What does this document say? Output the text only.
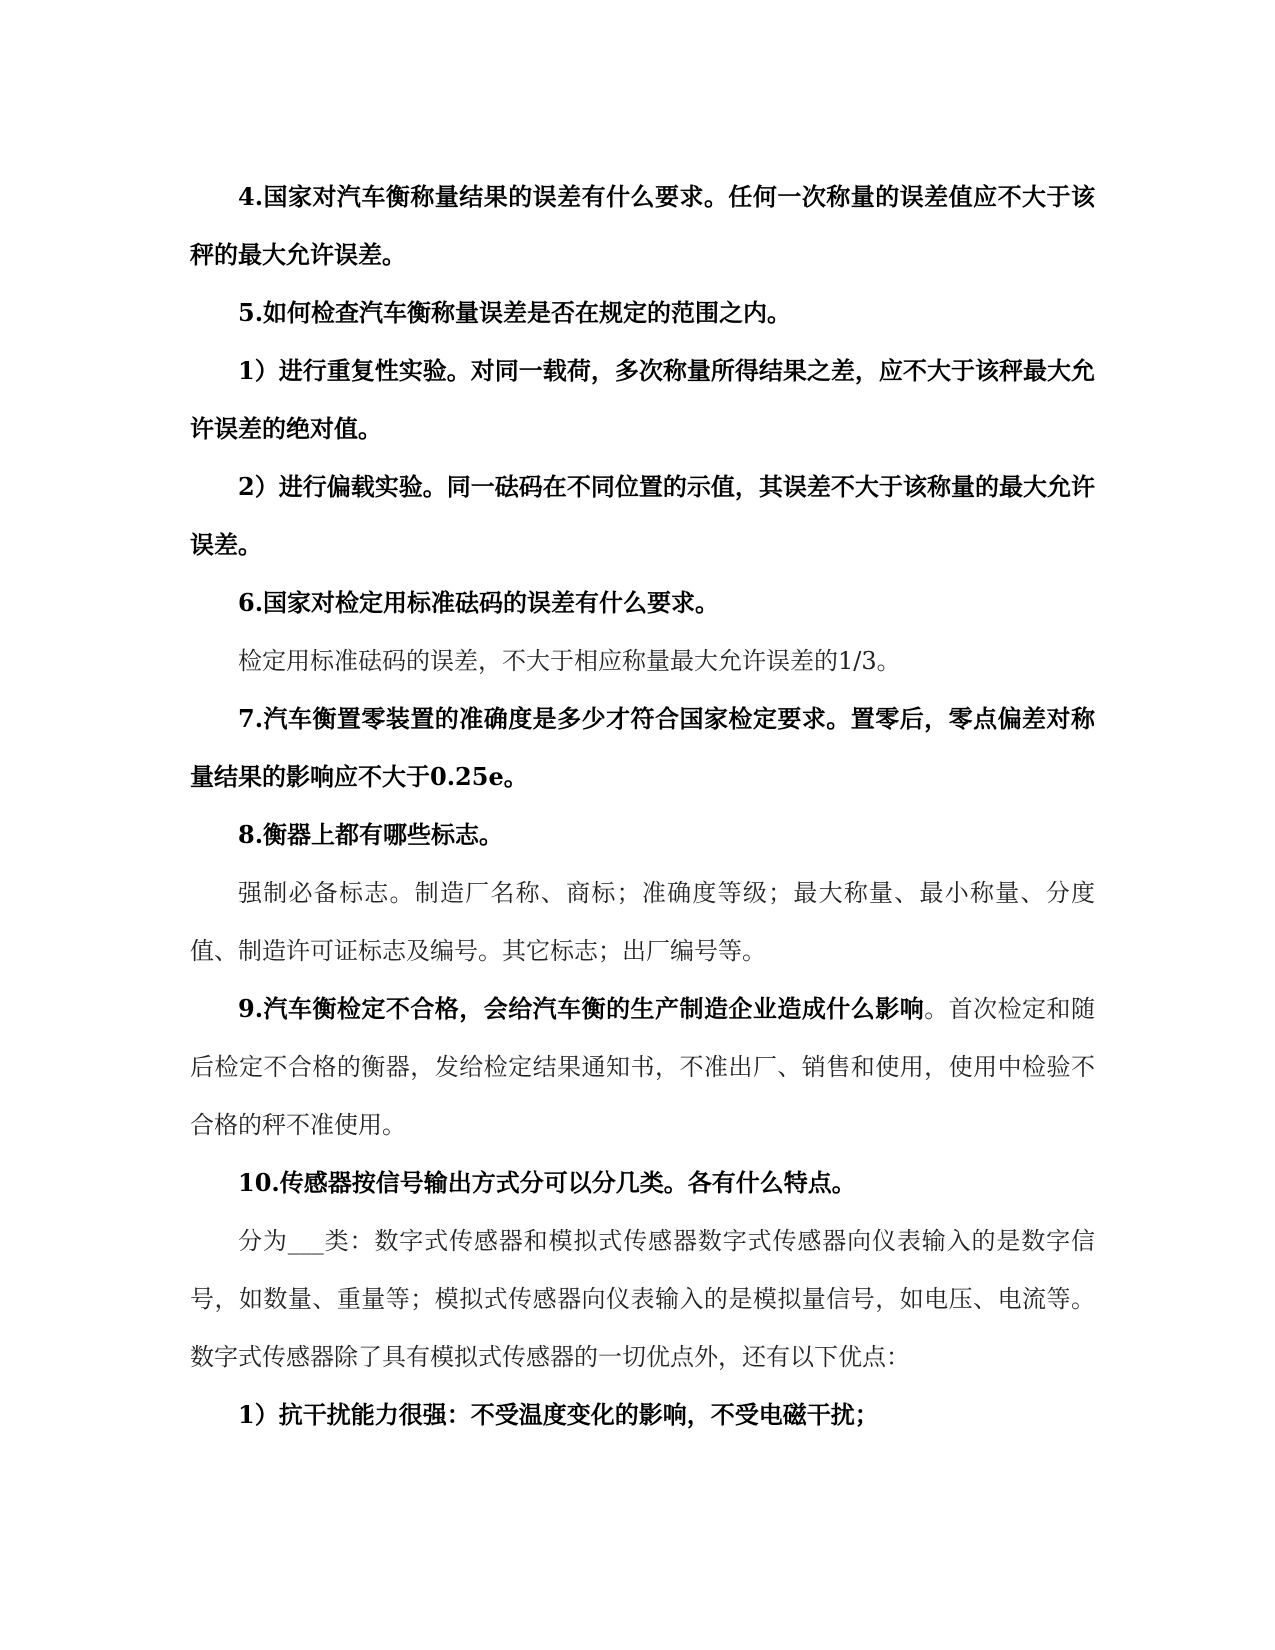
4.国家对汽车衡称量结果的误差有什么要求。任何一次称量的误差值应不大于该秤的最大允许误差。

5.如何检查汽车衡称量误差是否在规定的范围之内。

1）进行重复性实验。对同一载荷，多次称量所得结果之差，应不大于该秤最大允许误差的绝对值。

2）进行偏载实验。同一砝码在不同位置的示值，其误差不大于该称量的最大允许误差。

6.国家对检定用标准砝码的误差有什么要求。

检定用标准砝码的误差，不大于相应称量最大允许误差的1/3。

7.汽车衡置零装置的准确度是多少才符合国家检定要求。置零后，零点偏差对称量结果的影响应不大于0.25e。

8.衡器上都有哪些标志。

强制必备标志。制造厂名称、商标；准确度等级；最大称量、最小称量、分度值、制造许可证标志及编号。其它标志；出厂编号等。

9.汽车衡检定不合格，会给汽车衡的生产制造企业造成什么影响。首次检定和随后检定不合格的衡器，发给检定结果通知书，不准出厂、销售和使用，使用中检验不合格的秤不准使用。

10.传感器按信号输出方式分可以分几类。各有什么特点。

分为___类：数字式传感器和模拟式传感器数字式传感器向仪表输入的是数字信号，如数量、重量等；模拟式传感器向仪表输入的是模拟量信号，如电压、电流等。数字式传感器除了具有模拟式传感器的一切优点外，还有以下优点：

1）抗干扰能力很强：不受温度变化的影响，不受电磁干扰；
